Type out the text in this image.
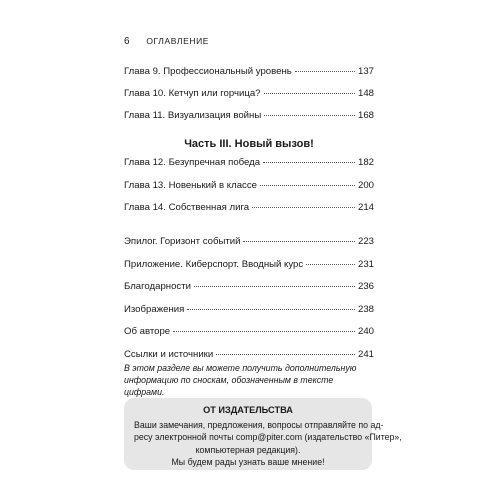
6 ОГЛАВЛЕНИЕ
Глава 9. Профессиональный уровень	137
Глава 10. Кетчуп или горчица?	148
Глава 11. Визуализация войны	168
Часть III. Новый вызов!
Глава 12. Безупречная победа	182
Глава 13. Новенький в классе	200
Глава 14. Собственная лига	214
Эпилог. Горизонт событий	223
Приложение. Киберспорт. Вводный курс	231
Благодарности	236
Изображения	238
Об авторе	240
Ссылки и источники	241
В этом разделе вы можете получить дополнительную
информацию по сноскам, обозначенным в тексте цифрами.
ОТ ИЗДАТЕЛЬСТВА
Ваши замечания, предложения, вопросы отправляйте по ад-
ресу электронной почты comp@piter.com (издательство «Питер»,
компьютерная редакция).
Мы будем рады узнать ваше мнение!
